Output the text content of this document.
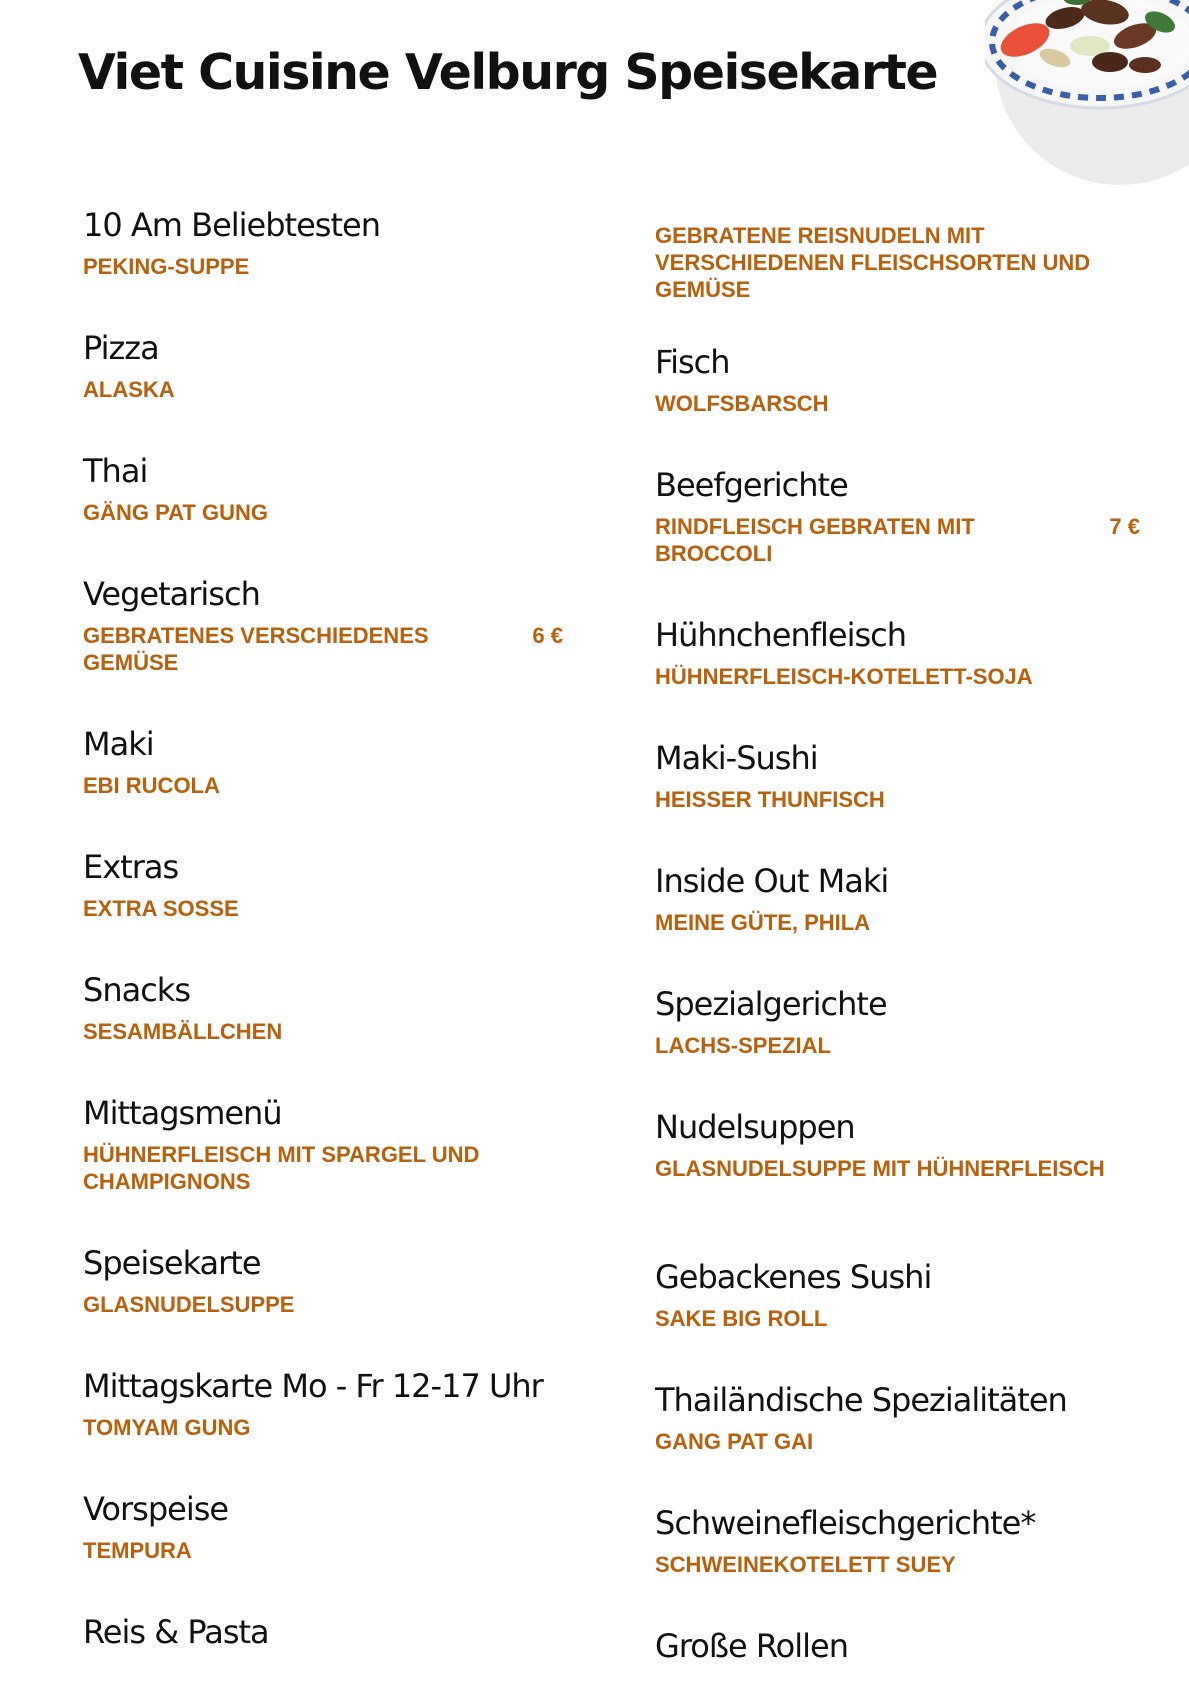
Viet Cuisine Velburg Speisekarte
10 Am Beliebtesten
PEKING-SUPPE
Pizza
ALASKA
Thai
GÄNG PAT GUNG
Vegetarisch
GEBRATENES VERSCHIEDENES GEMÜSE
6 €
Maki
EBI RUCOLA
Extras
EXTRA SOSSE
Snacks
SESAMBÄLLCHEN
Mittagsmenü
HÜHNERFLEISCH MIT SPARGEL UND CHAMPIGNONS
Speisekarte
GLASNUDELSUPPE
Mittagskarte Mo - Fr 12-17 Uhr
TOMYAM GUNG
Vorspeise
TEMPURA
Reis & Pasta
GEBRATENE REISNUDELN MIT VERSCHIEDENEN FLEISCHSORTEN UND GEMÜSE
Fisch
WOLFSBARSCH
Beefgerichte
RINDFLEISCH GEBRATEN MIT BROCCOLI
7 €
Hühnchenfleisch
HÜHNERFLEISCH-KOTELETT-SOJA
Maki-Sushi
HEISSER THUNFISCH
Inside Out Maki
MEINE GÜTE, PHILA
Spezialgerichte
LACHS-SPEZIAL
Nudelsuppen
GLASNUDELSUPPE MIT HÜHNERFLEISCH
Gebackenes Sushi
SAKE BIG ROLL
Thailändische Spezialitäten
GANG PAT GAI
Schweinefleischgerichte*
SCHWEINEKOTELETT SUEY
Große Rollen
